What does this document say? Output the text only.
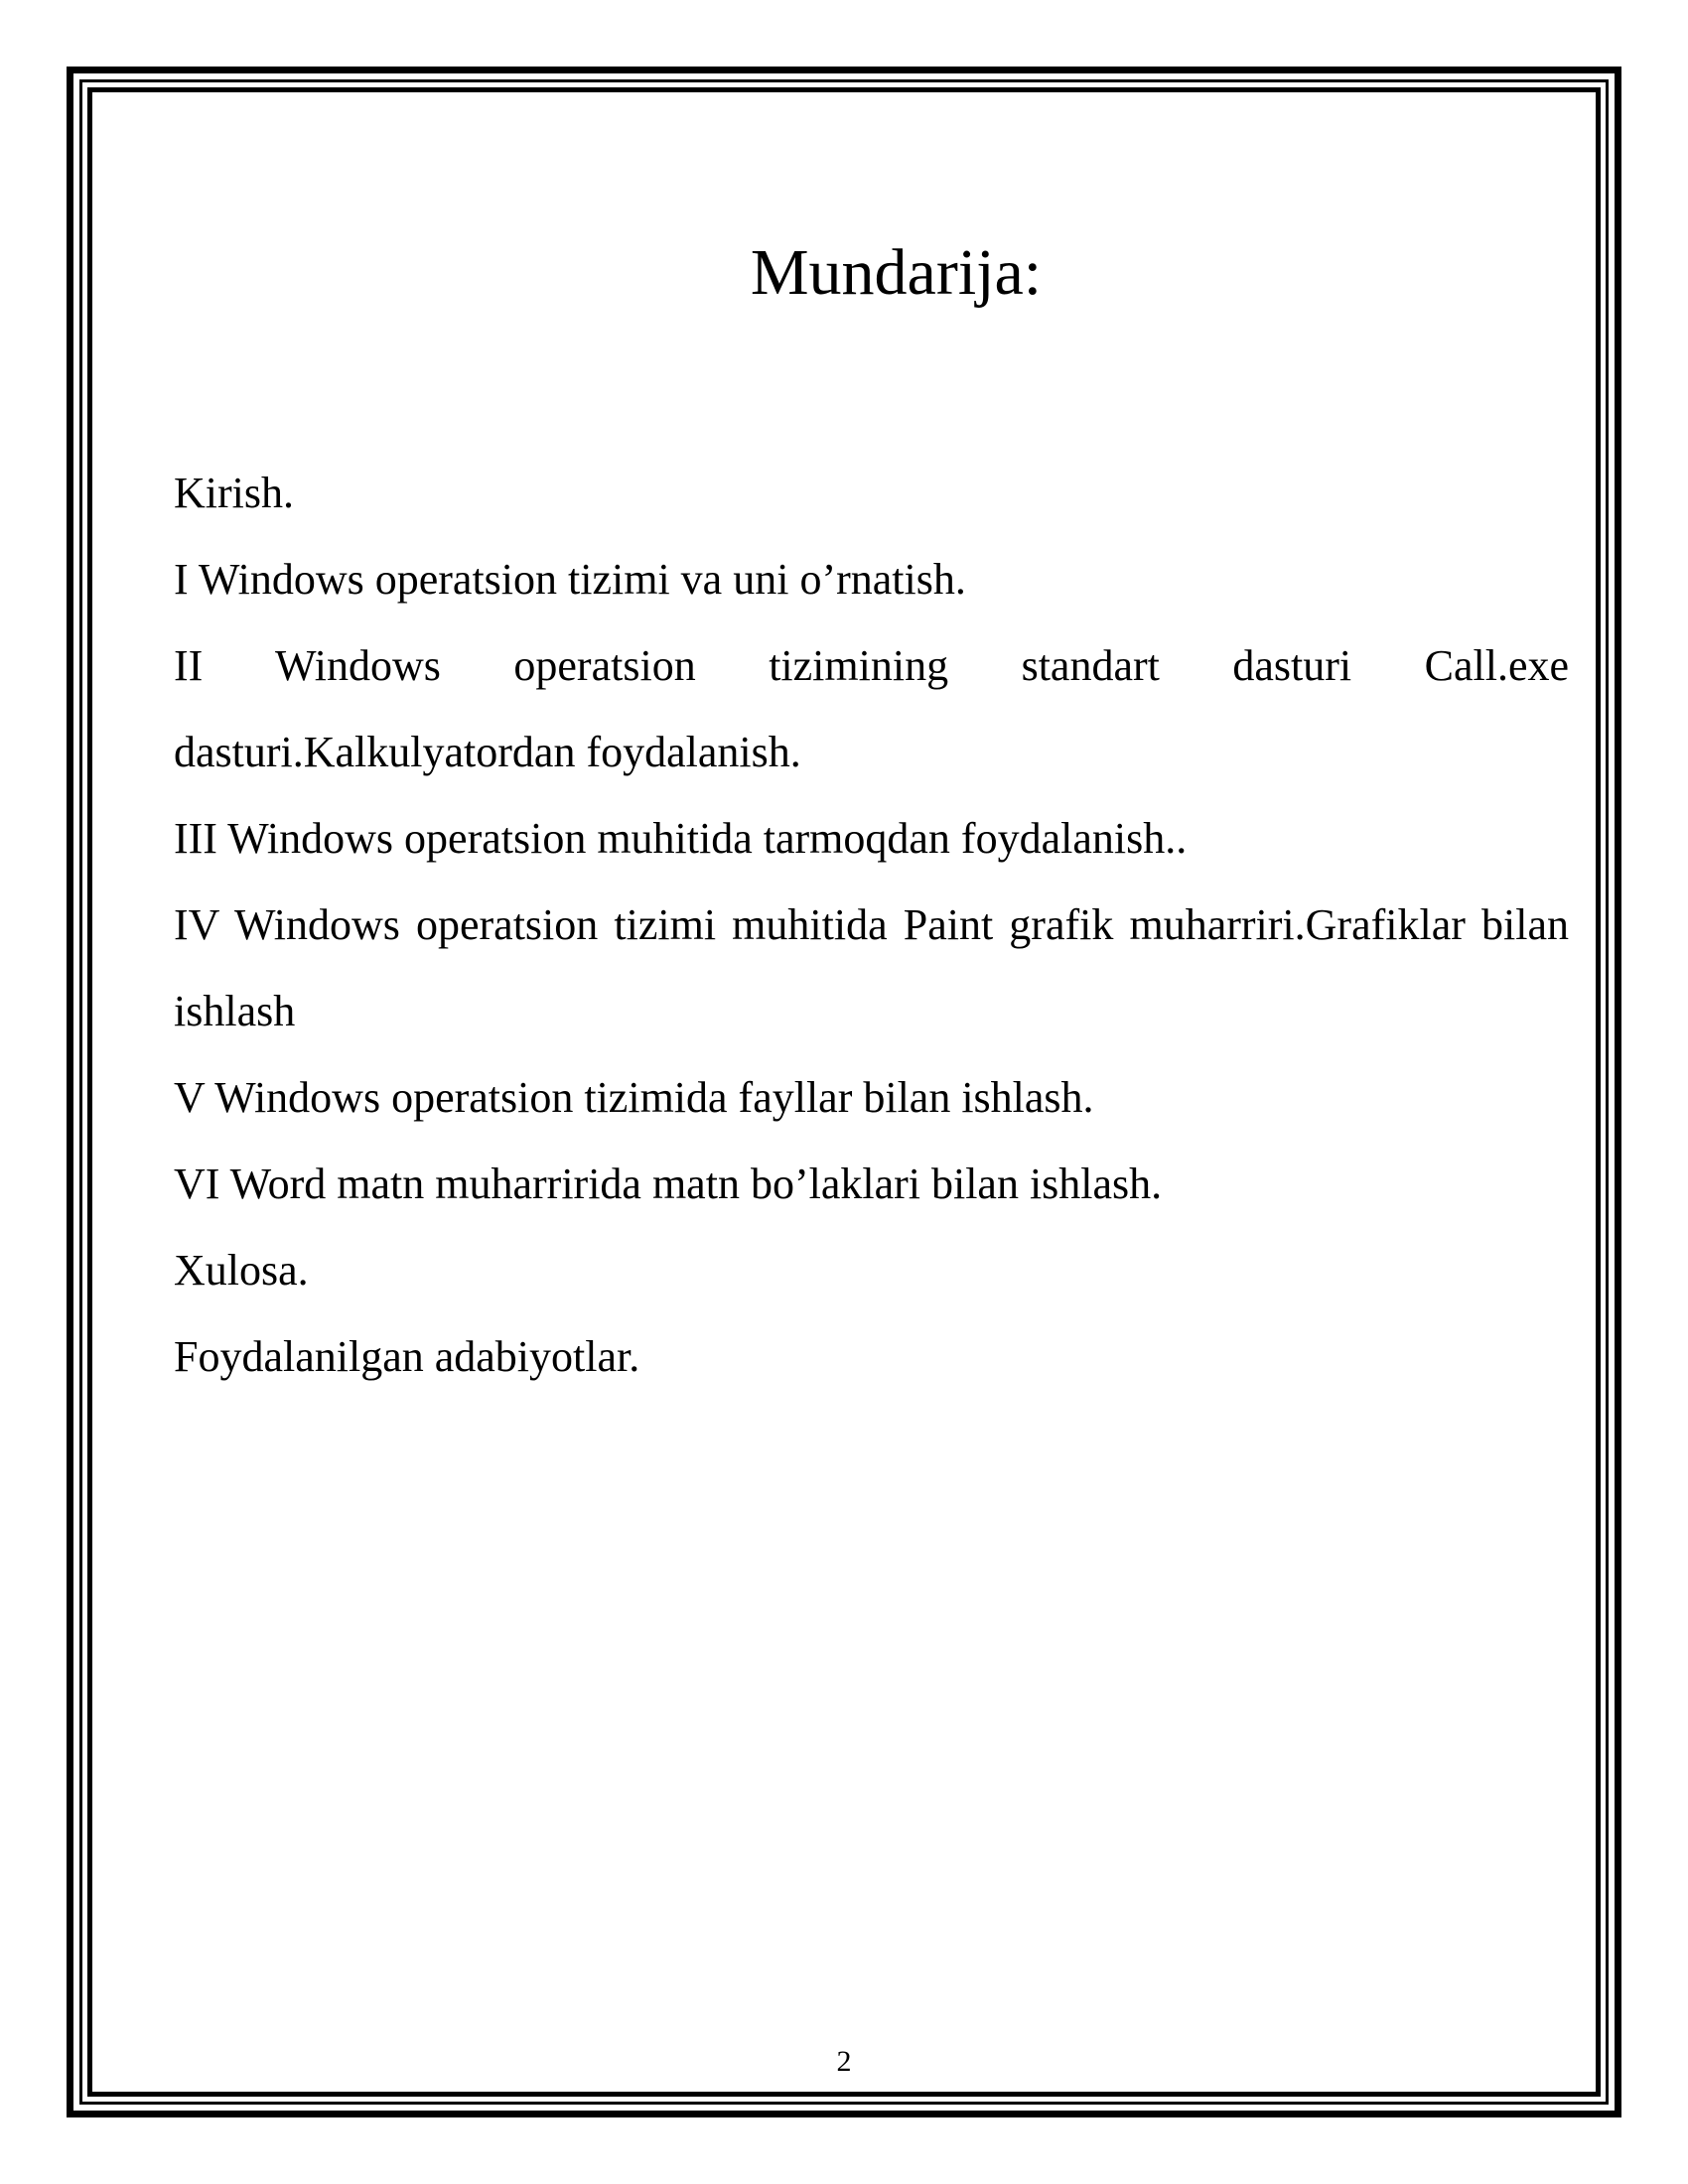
Mundarija:
Kirish.
I Windows operatsion tizimi va uni o’rnatish.
II Windows operatsion tizimining standart dasturi Call.exe dasturi.Kalkulyatordan foydalanish.
III Windows operatsion muhitida tarmoqdan foydalanish..
IV Windows operatsion tizimi muhitida Paint grafik muharriri.Grafiklar bilan ishlash
V Windows operatsion tizimida fayllar bilan ishlash.
VI Word matn muharririda matn bo’laklari bilan ishlash.
Xulosa.
Foydalanilgan adabiyotlar.
2
